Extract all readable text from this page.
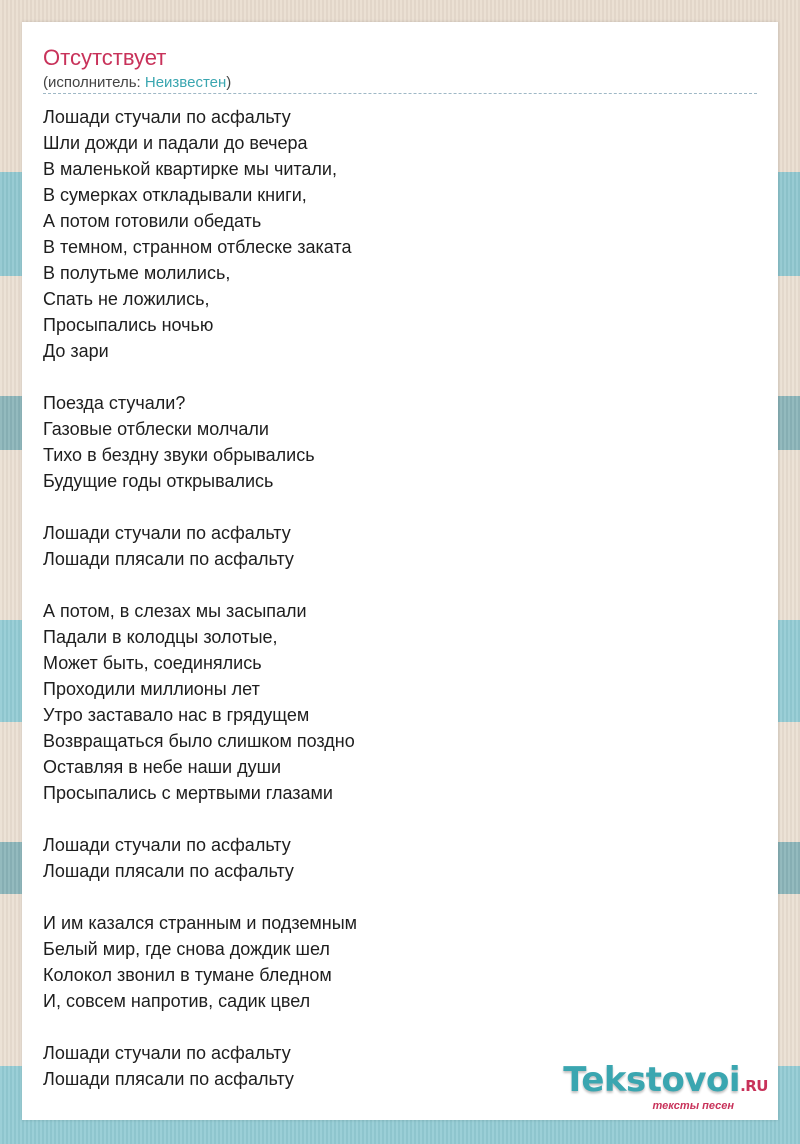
Отсутствует
(исполнитель: Неизвестен)
Лошади стучали по асфальту
Шли дожди и падали до вечера
В маленькой квартирке мы читали,
В сумерках откладывали книги,
А потом готовили обедать
В темном, странном отблеске заката
В полутьме молились,
Спать не ложились,
Просыпались ночью
До зари
Поезда стучали?
Газовые отблески молчали
Тихо в бездну звуки обрывались
Будущие годы открывались
Лошади стучали по асфальту
Лошади плясали по асфальту
А потом, в слезах мы засыпали
Падали в колодцы золотые,
Может быть, соединялись
Проходили миллионы лет
Утро заставало нас в грядущем
Возвращаться было слишком поздно
Оставляя в небе наши души
Просыпались с мертвыми глазами
Лошади стучали по асфальту
Лошади плясали по асфальту
И им казался странным и подземным
Белый мир, где снова дождик шел
Колокол звонил в тумане бледном
И, совсем напротив, садик цвел
Лошади стучали по асфальту
Лошади плясали по асфальту	Tekstovoi.RU
тексты песен
